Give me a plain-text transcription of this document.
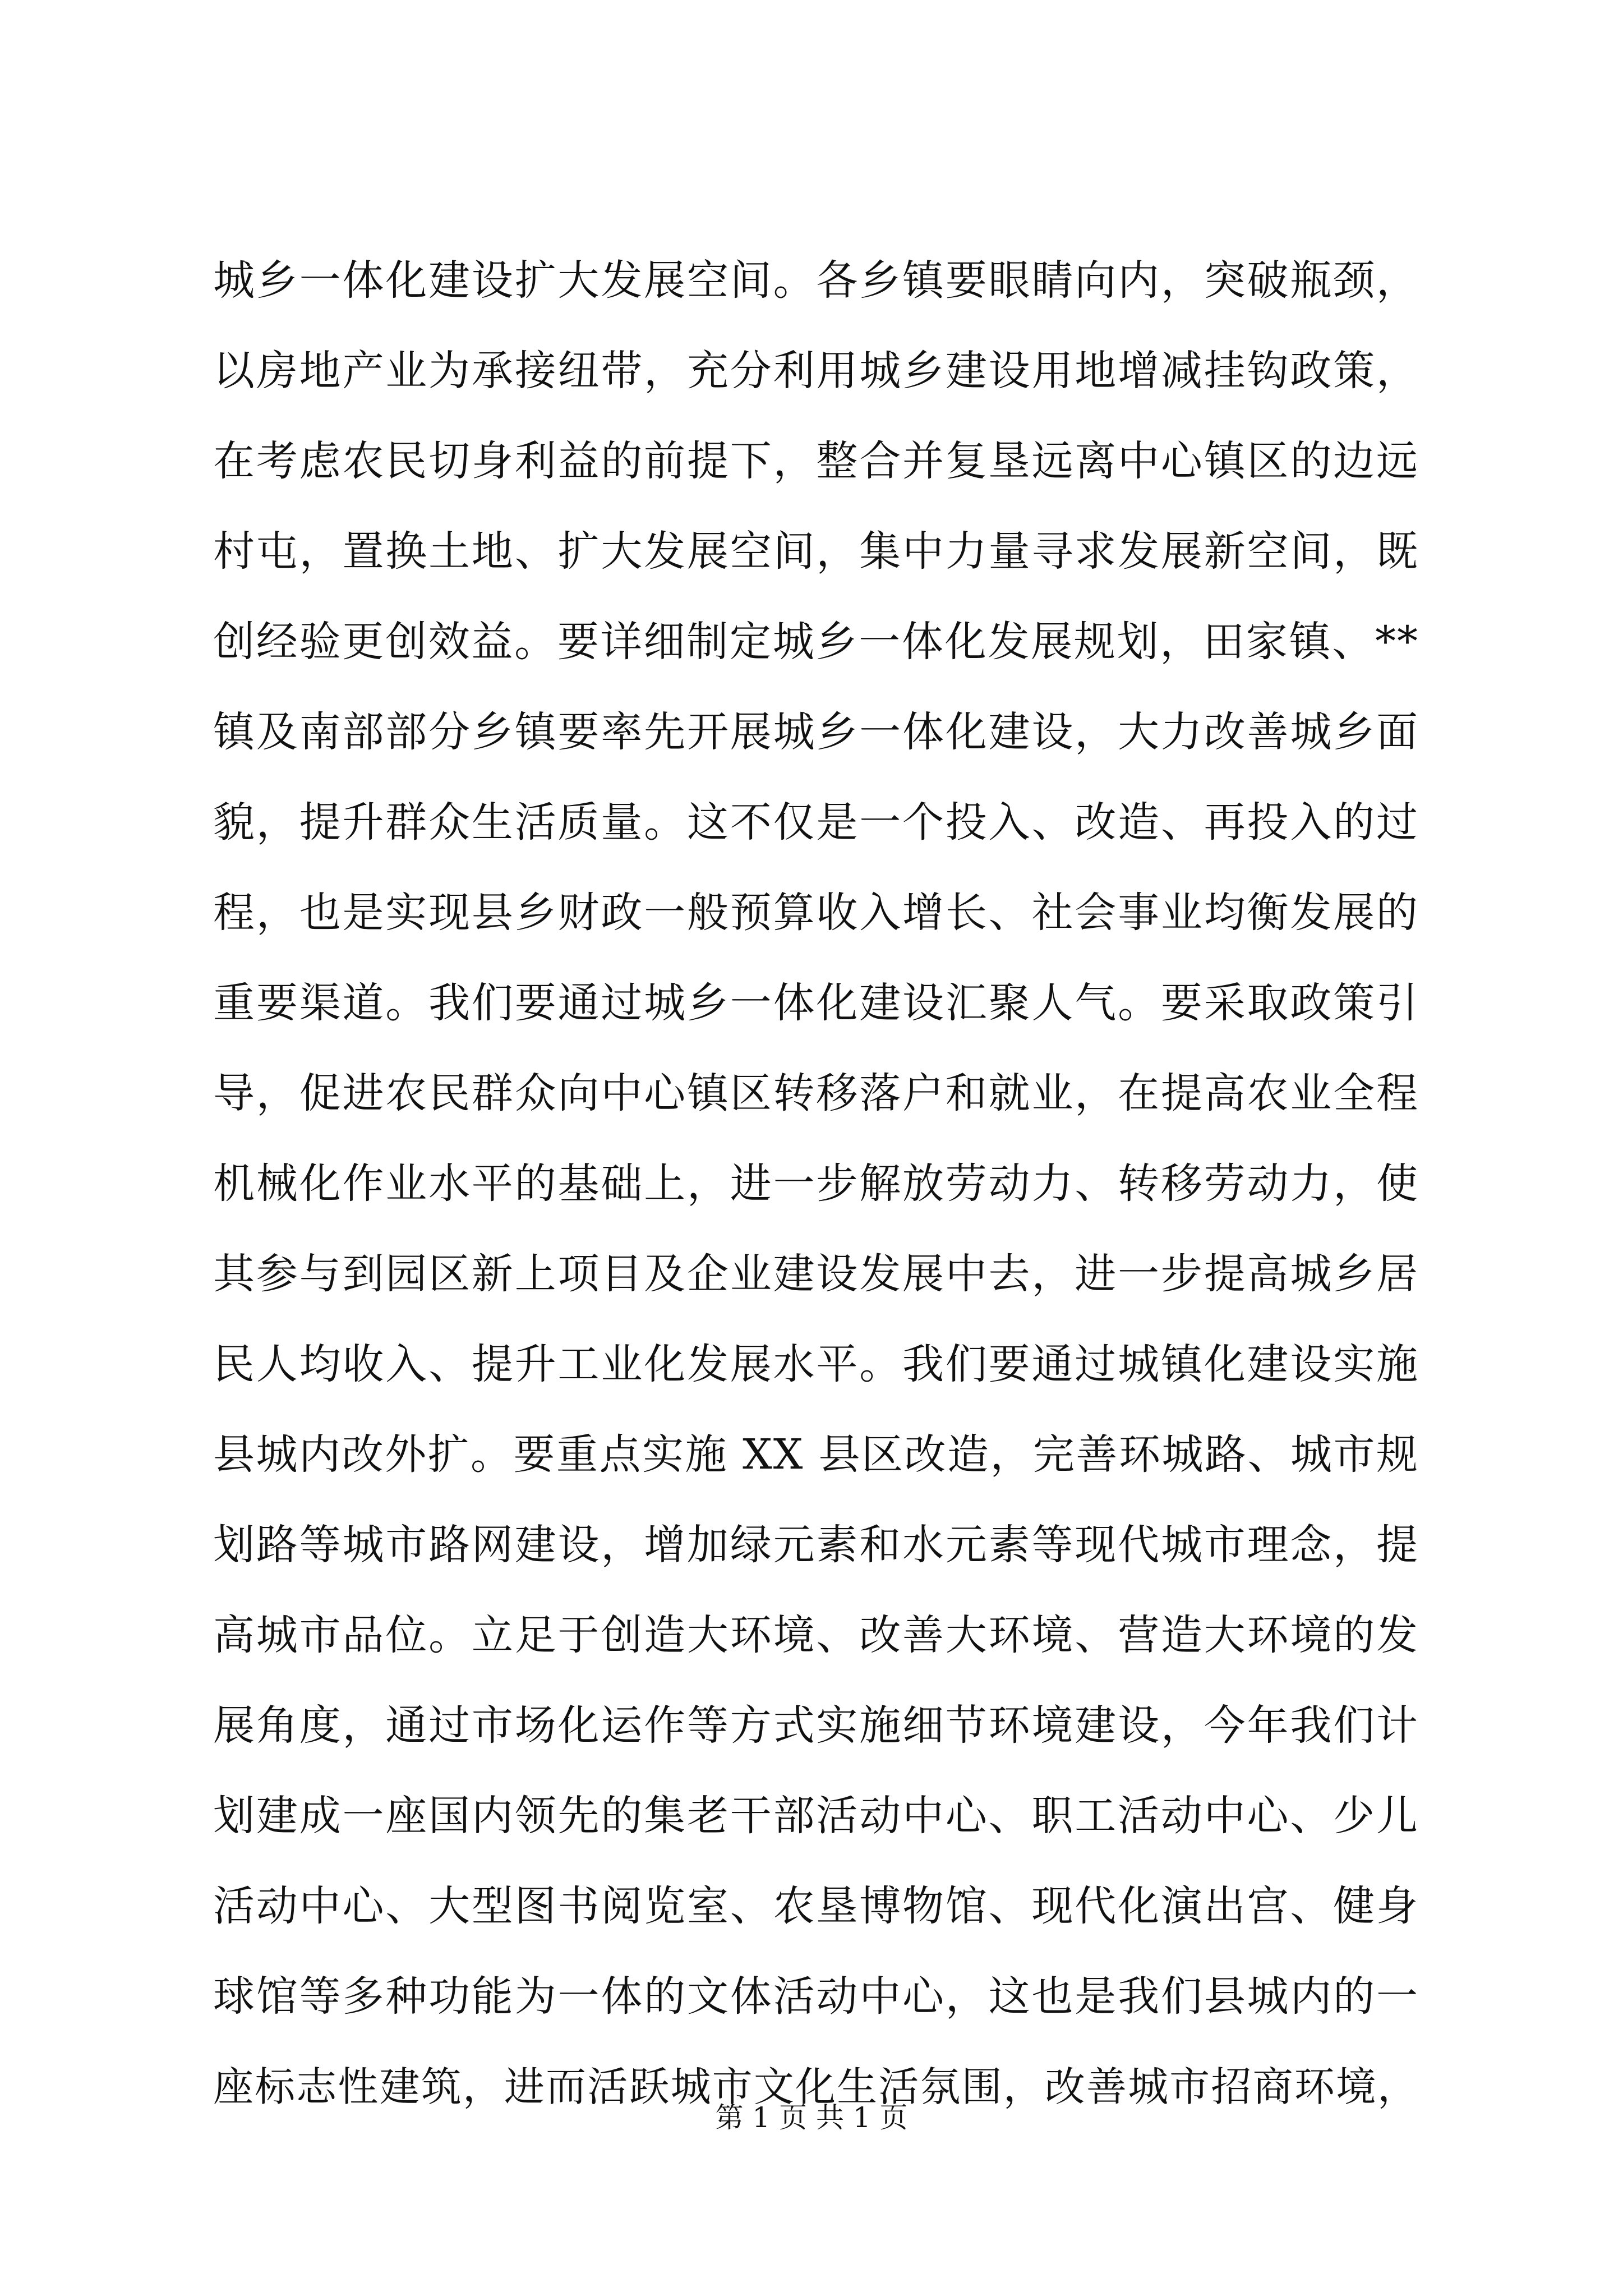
城乡一体化建设扩大发展空间。各乡镇要眼睛向内，突破瓶颈，
以房地产业为承接纽带，充分利用城乡建设用地增减挂钩政策，
在考虑农民切身利益的前提下，整合并复垦远离中心镇区的边远
村屯，置换土地、扩大发展空间，集中力量寻求发展新空间，既
创经验更创效益。要详细制定城乡一体化发展规划，田家镇、**
镇及南部部分乡镇要率先开展城乡一体化建设，大力改善城乡面
貌，提升群众生活质量。这不仅是一个投入、改造、再投入的过
程，也是实现县乡财政一般预算收入增长、社会事业均衡发展的
重要渠道。我们要通过城乡一体化建设汇聚人气。要采取政策引
导，促进农民群众向中心镇区转移落户和就业，在提高农业全程
机械化作业水平的基础上，进一步解放劳动力、转移劳动力，使
其参与到园区新上项目及企业建设发展中去，进一步提高城乡居
民人均收入、提升工业化发展水平。我们要通过城镇化建设实施
县城内改外扩。要重点实施 XX 县区改造，完善环城路、城市规
划路等城市路网建设，增加绿元素和水元素等现代城市理念，提
高城市品位。立足于创造大环境、改善大环境、营造大环境的发
展角度，通过市场化运作等方式实施细节环境建设，今年我们计
划建成一座国内领先的集老干部活动中心、职工活动中心、少儿
活动中心、大型图书阅览室、农垦博物馆、现代化演出宫、健身
球馆等多种功能为一体的文体活动中心，这也是我们县城内的一
座标志性建筑，进而活跃城市文化生活氛围，改善城市招商环境，
第 1 页 共 1 页
